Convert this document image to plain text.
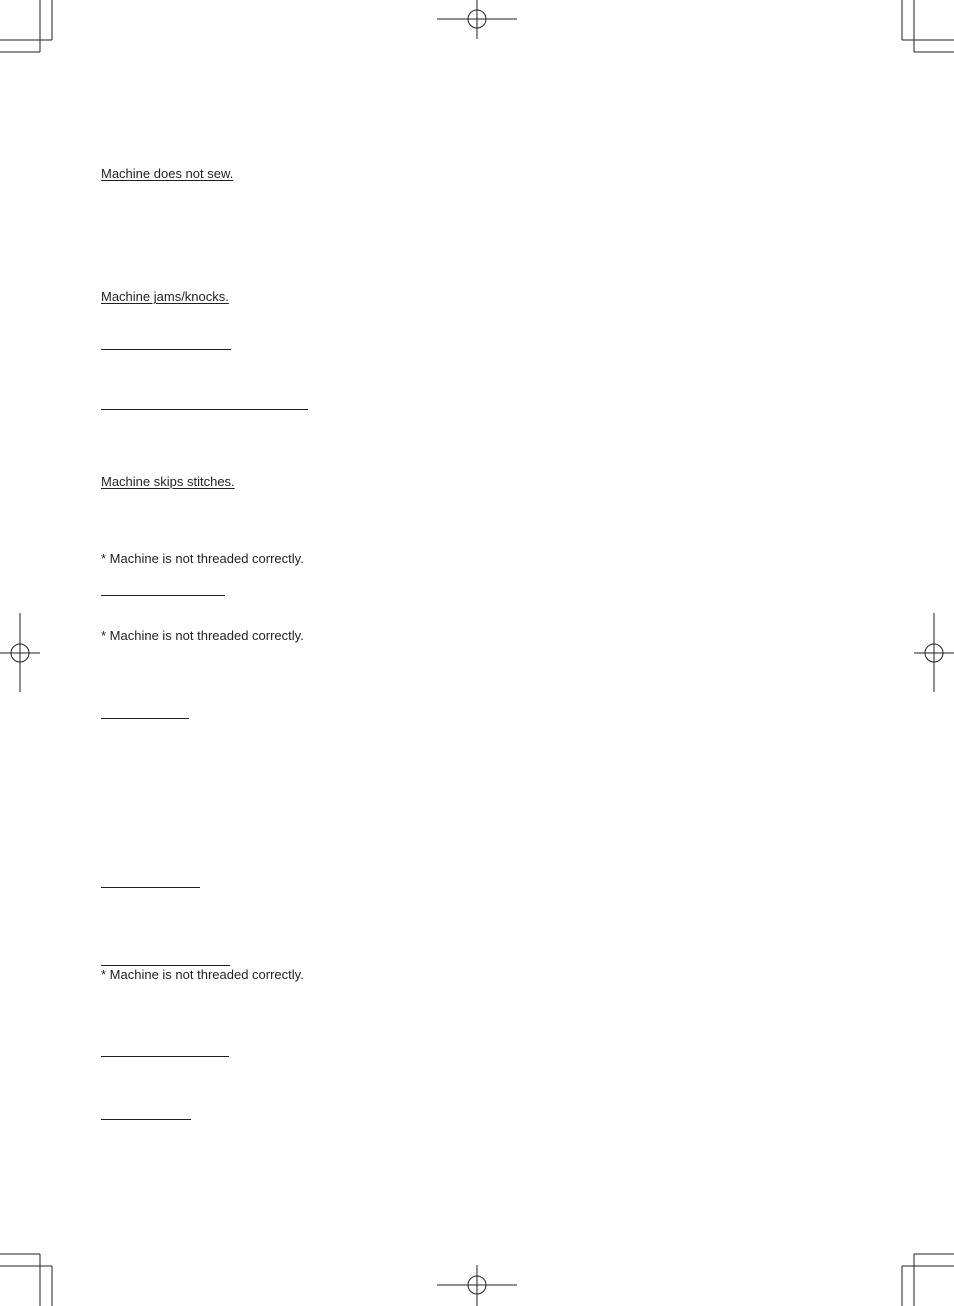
Machine does not sew.
Machine jams/knocks.
Machine skips stitches.
* Machine is not threaded correctly.
* Machine is not threaded correctly.
* Machine is not threaded correctly.
